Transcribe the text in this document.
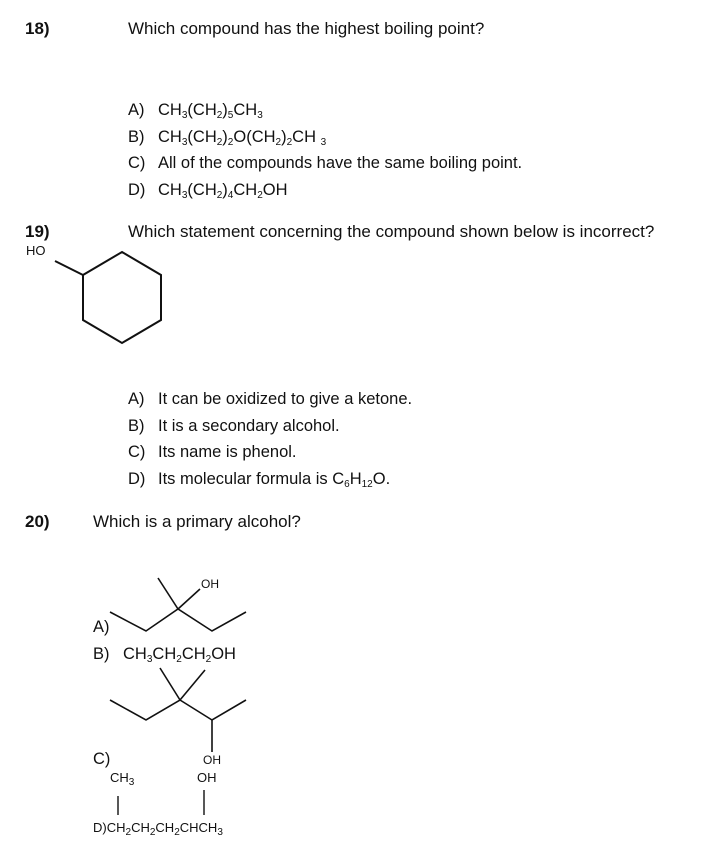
18)	Which compound has the highest boiling point?
A) $CH_3(CH_2)_5CH_3$
B) $CH_3(CH_2)_2O(CH_2)_2CH$ $_3$
C) All of the compounds have the same boiling point.
D) $CH_3(CH_2)_4CH_2OH$
19)	Which statement concerning the compound shown below is incorrect?
HO
A) It can be oxidized to give a ketone.
B) It is a secondary alcohol.
C) Its name is phenol.
D) Its molecular formula is $C_6H_{12}O$.
20)	Which is a primary alcohol?
OH
A)
B) $CH_3CH_2CH_2OH$
OH
C)
$CH_3$	OH
$D)CH_2CH_2CH_2CHCH_3$
